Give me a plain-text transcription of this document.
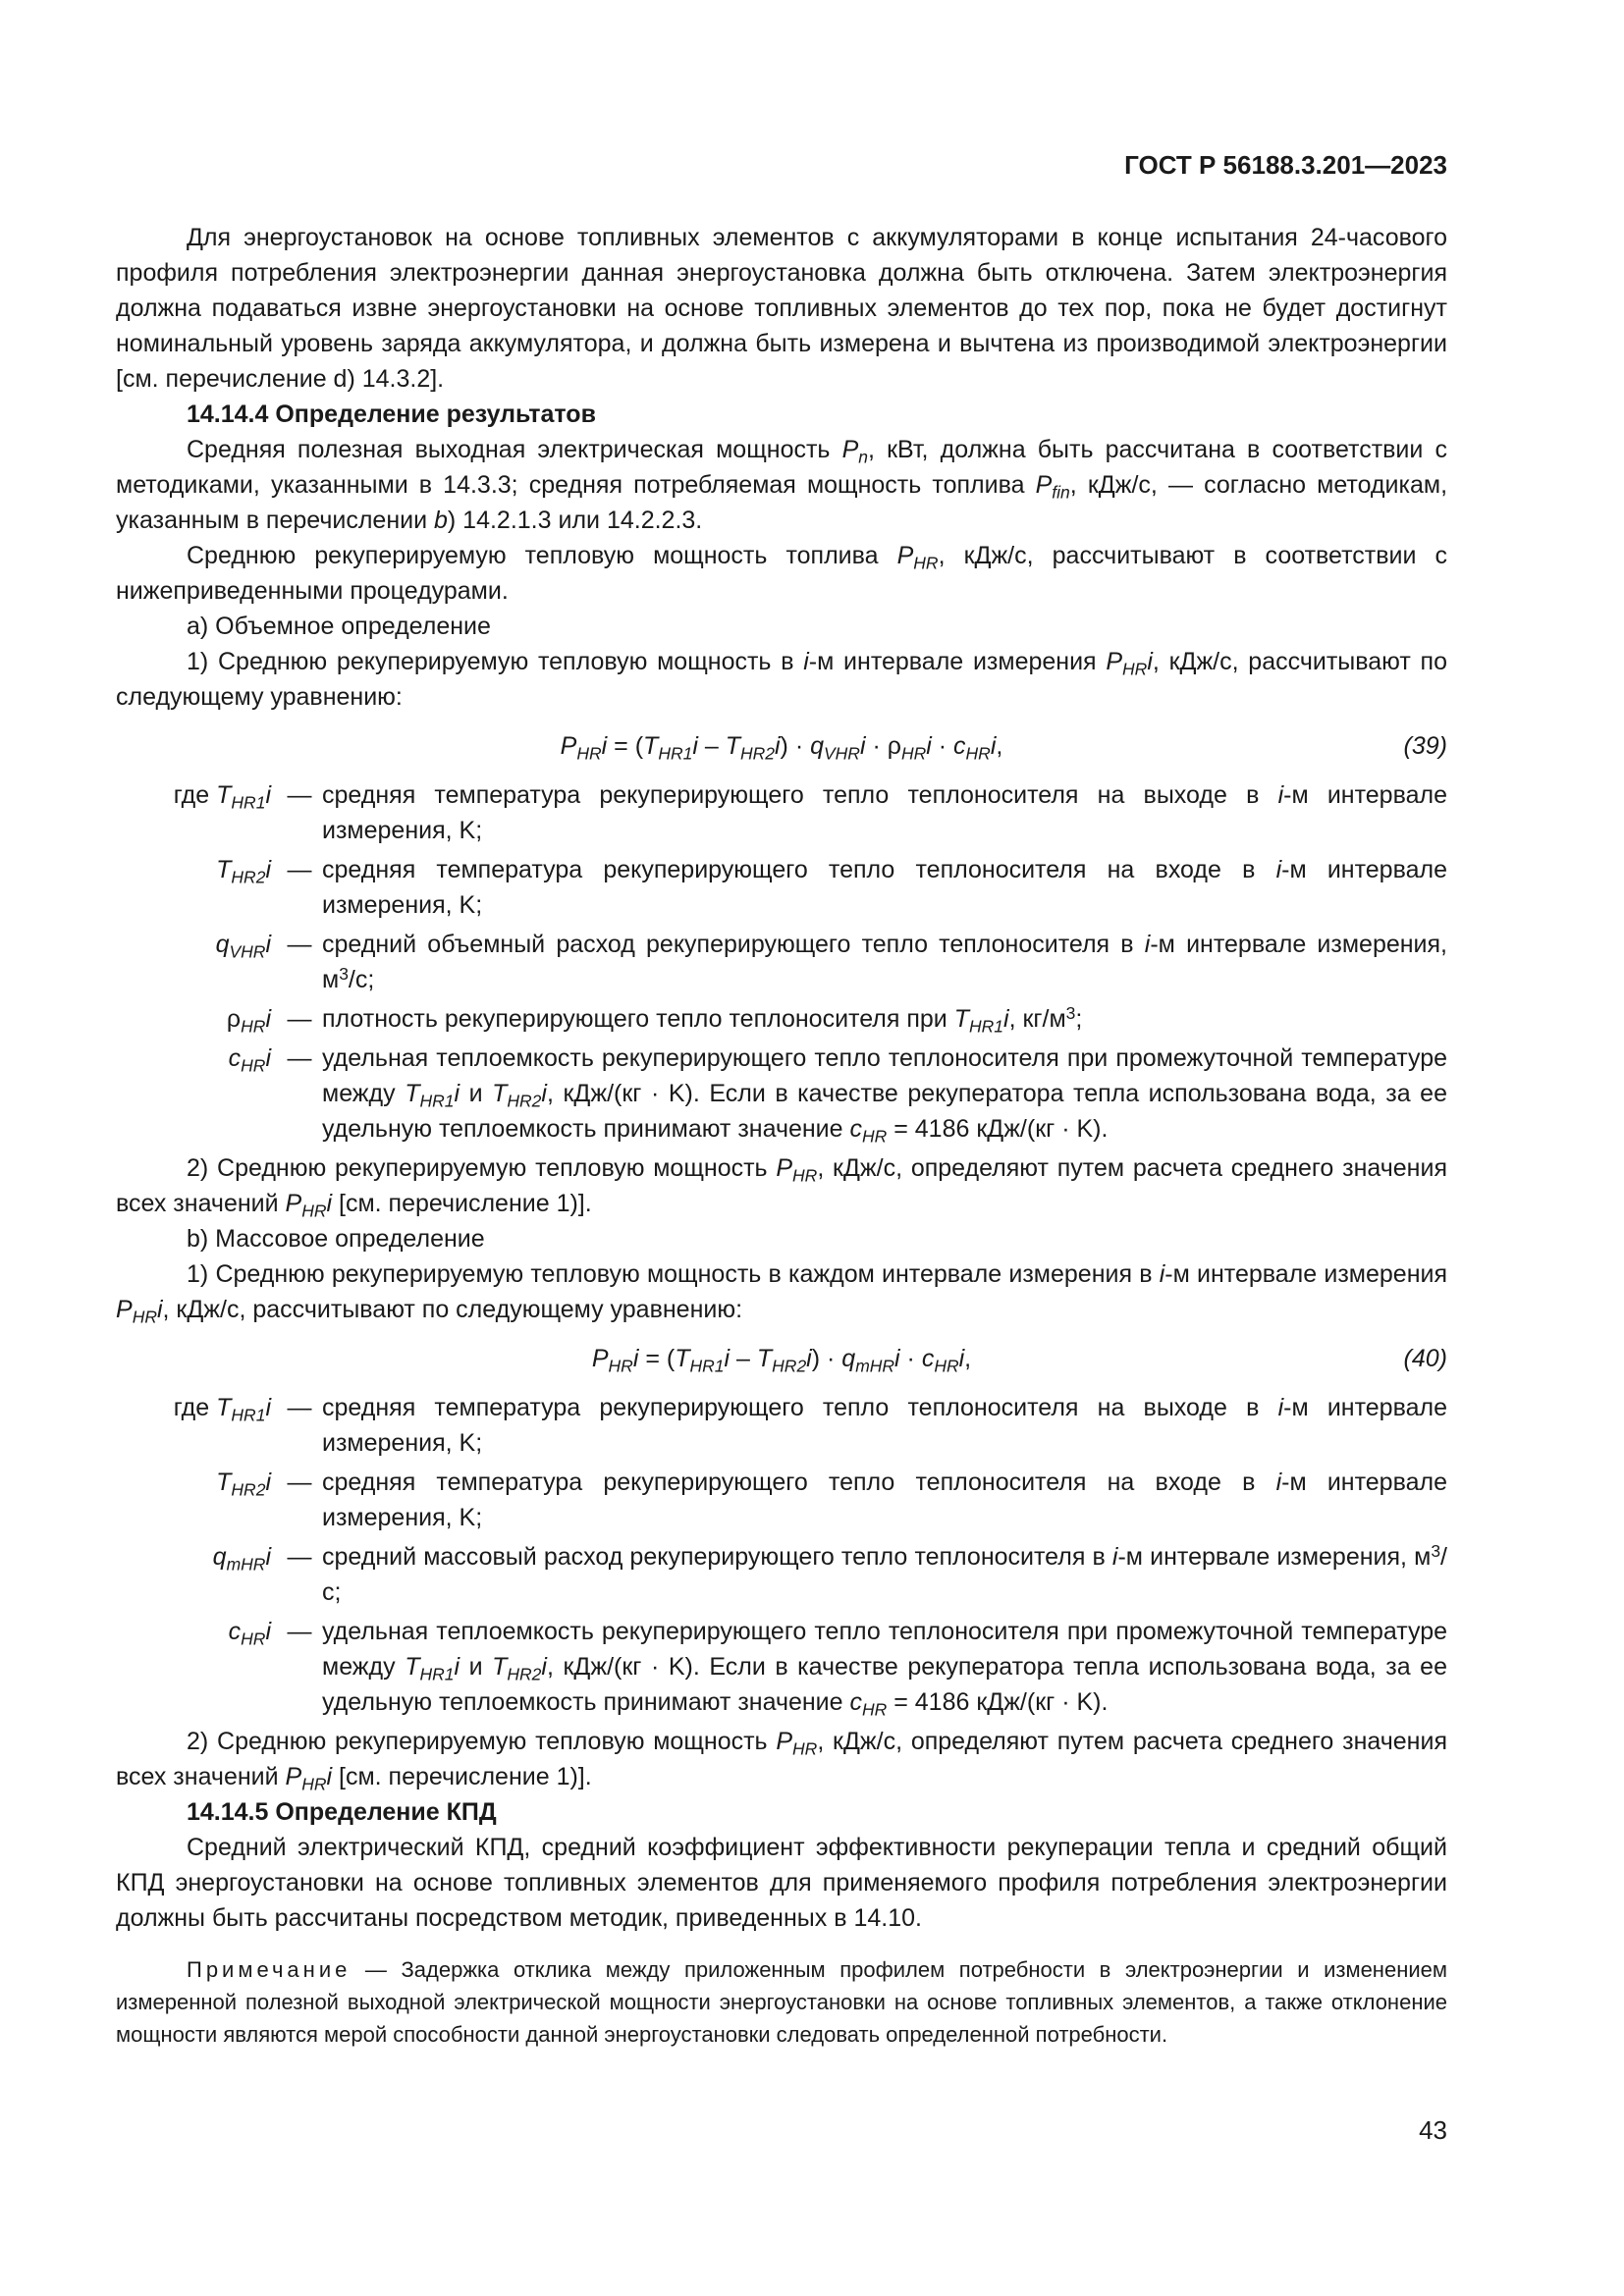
ГОСТ Р 56188.3.201—2023

Для энергоустановок на основе топливных элементов с аккумуляторами в конце испытания 24-часового профиля потребления электроэнергии данная энергоустановка должна быть отключена. Затем электроэнергия должна подаваться извне энергоустановки на основе топливных элементов до тех пор, пока не будет достигнут номинальный уровень заряда аккумулятора, и должна быть измерена и вычтена из производимой электроэнергии [см. перечисление d) 14.3.2].

14.14.4 Определение результатов

Средняя полезная выходная электрическая мощность $P_n$, кВт, должна быть рассчитана в соответствии с методиками, указанными в 14.3.3; средняя потребляемая мощность топлива $P_{fin}$, кДж/с, — согласно методикам, указанным в перечислении b) 14.2.1.3 или 14.2.2.3.

Среднюю рекуперируемую тепловую мощность топлива $P_{HR}$, кДж/с, рассчитывают в соответствии с нижеприведенными процедурами.

а) Объемное определение

1) Среднюю рекуперируемую тепловую мощность в i-м интервале измерения $P_{HR}i$, кДж/с, рассчитывают по следующему уравнению:

$P_{HR}i = (T_{HR1}i - T_{HR2}i) \cdot q_{VHR}i \cdot \rho_{HR}i \cdot c_{HR}i$,	(39)
где $T_{HR1}i$ — средняя температура рекуперирующего тепло теплоносителя на выходе в i-м интервале измерения, K;
$T_{HR2}i$ — средняя температура рекуперирующего тепло теплоносителя на входе в i-м интервале измерения, K;
$q_{VHR}i$ — средний объемный расход рекуперирующего тепло теплоносителя в i-м интервале измерения, $м^3/с$;
$\rho_{HR}i$ — плотность рекуперирующего тепло теплоносителя при $T_{HR1}i$, $кг/м^3$;
$c_{HR}i$ — удельная теплоемкость рекуперирующего тепло теплоносителя при промежуточной температуре между $T_{HR1}i$ и $T_{HR2}i$, кДж/(кг · K). Если в качестве рекуператора тепла использована вода, за ее удельную теплоемкость принимают значение $c_{HR} = 4186$ кДж/(кг · K).

2) Среднюю рекуперируемую тепловую мощность $P_{HR}$, кДж/с, определяют путем расчета среднего значения всех значений $P_{HR}i$ [см. перечисление 1)].

b) Массовое определение

1) Среднюю рекуперируемую тепловую мощность в каждом интервале измерения в i-м интервале измерения $P_{HR}i$, кДж/с, рассчитывают по следующему уравнению:

$P_{HR}i = (T_{HR1}i - T_{HR2}i) \cdot q_{mHR}i \cdot c_{HR}i$,	(40)
где $T_{HR1}i$ — средняя температура рекуперирующего тепло теплоносителя на выходе в i-м интервале измерения, K;
$T_{HR2}i$ — средняя температура рекуперирующего тепло теплоносителя на входе в i-м интервале измерения, K;
$q_{mHR}i$ — средний массовый расход рекуперирующего тепло теплоносителя в i-м интервале измерения, $м^3/с$;
$c_{HR}i$ — удельная теплоемкость рекуперирующего тепло теплоносителя при промежуточной температуре между $T_{HR1}i$ и $T_{HR2}i$, кДж/(кг · K). Если в качестве рекуператора тепла использована вода, за ее удельную теплоемкость принимают значение $c_{HR} = 4186$ кДж/(кг · K).

2) Среднюю рекуперируемую тепловую мощность $P_{HR}$, кДж/с, определяют путем расчета среднего значения всех значений $P_{HR}i$ [см. перечисление 1)].

14.14.5 Определение КПД

Средний электрический КПД, средний коэффициент эффективности рекуперации тепла и средний общий КПД энергоустановки на основе топливных элементов для применяемого профиля потребления электроэнергии должны быть рассчитаны посредством методик, приведенных в 14.10.

Примечание — Задержка отклика между приложенным профилем потребности в электроэнергии и изменением измеренной полезной выходной электрической мощности энергоустановки на основе топливных элементов, а также отклонение мощности являются мерой способности данной энергоустановки следовать определенной потребности.

43
